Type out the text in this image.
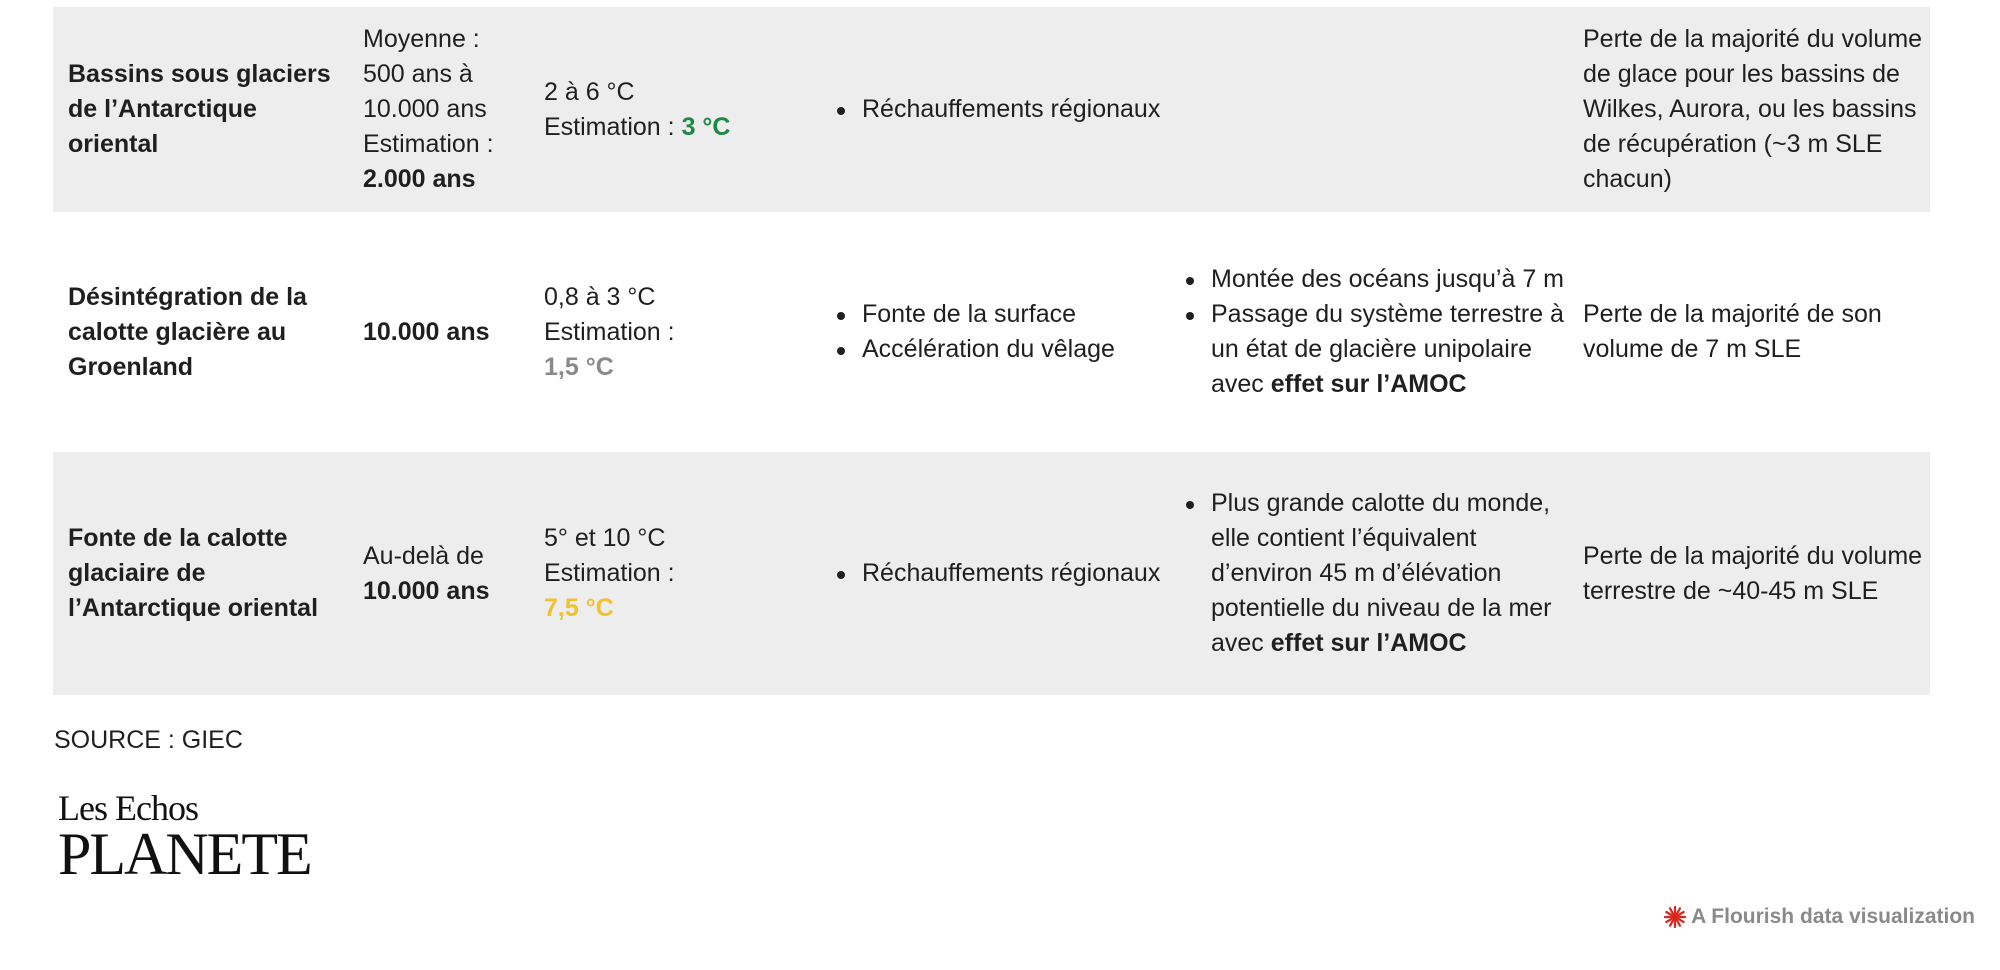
Bassins sous glaciers de l’Antarctique oriental
Moyenne :
500 ans à
10.000 ans
Estimation :
2.000 ans
2 à 6 °C
Estimation : 3 °C
Réchauffements régionaux
Perte de la majorité du volume de glace pour les bassins de Wilkes, Aurora, ou les bassins de récupération (~3 m SLE chacun)
Désintégration de la calotte glacière au Groenland
10.000 ans
0,8 à 3 °C
Estimation :
1,5 °C
Fonte de la surface
Accélération du vêlage
Montée des océans jusqu’à 7 m
Passage du système terrestre à un état de glacière unipolaire avec effet sur l’AMOC
Perte de la majorité de son volume de 7 m SLE
Fonte de la calotte glaciaire de l’Antarctique oriental
Au-delà de
10.000 ans
5° et 10 °C
Estimation :
7,5 °C
Réchauffements régionaux
Plus grande calotte du monde, elle contient l’équivalent d’environ 45 m d’élévation potentielle du niveau de la mer avec effet sur l’AMOC
Perte de la majorité du volume terrestre de ~40-45 m SLE
SOURCE : GIEC
Les Echos
PLANETE
A Flourish data visualization
